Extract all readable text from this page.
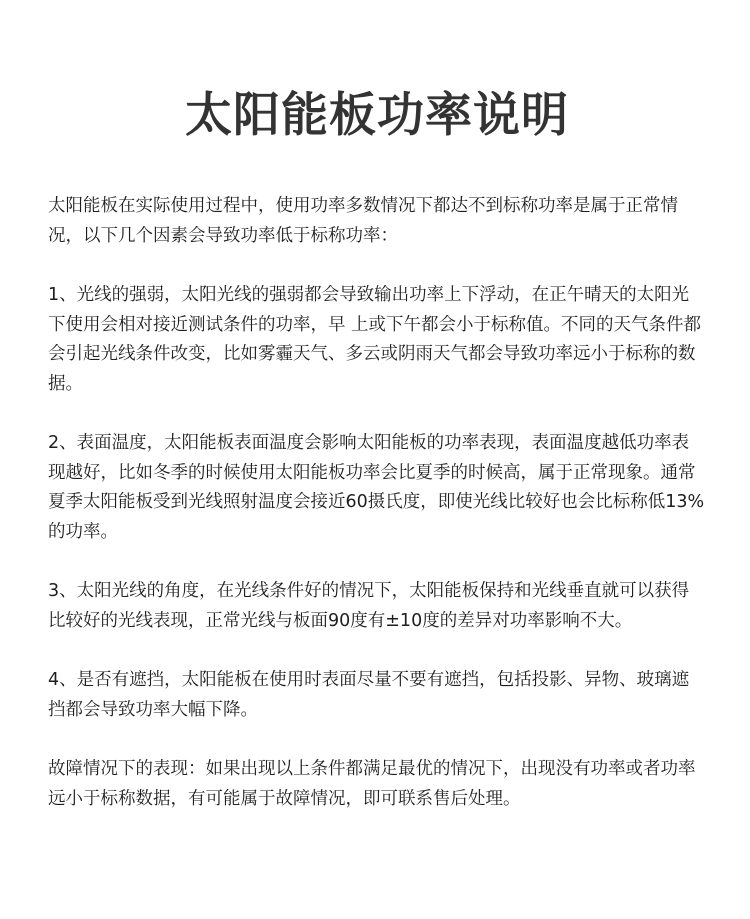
太阳能板功率说明

太阳能板在实际使用过程中，使用功率多数情况下都达不到标称功率是属于正常情况，以下几个因素会导致功率低于标称功率：

1、光线的强弱，太阳光线的强弱都会导致输出功率上下浮动，在正午晴天的太阳光下使用会相对接近测试条件的功率，早 上或下午都会小于标称值。不同的天气条件都会引起光线条件改变，比如雾霾天气、多云或阴雨天气都会导致功率远小于标称的数据。

2、表面温度，太阳能板表面温度会影响太阳能板的功率表现，表面温度越低功率表现越好，比如冬季的时候使用太阳能板功率会比夏季的时候高，属于正常现象。通常夏季太阳能板受到光线照射温度会接近60摄氏度，即使光线比较好也会比标称低13%的功率。

3、太阳光线的角度，在光线条件好的情况下，太阳能板保持和光线垂直就可以获得比较好的光线表现，正常光线与板面90度有±10度的差异对功率影响不大。

4、是否有遮挡，太阳能板在使用时表面尽量不要有遮挡，包括投影、异物、玻璃遮挡都会导致功率大幅下降。

故障情况下的表现：如果出现以上条件都满足最优的情况下，出现没有功率或者功率远小于标称数据，有可能属于故障情况，即可联系售后处理。
